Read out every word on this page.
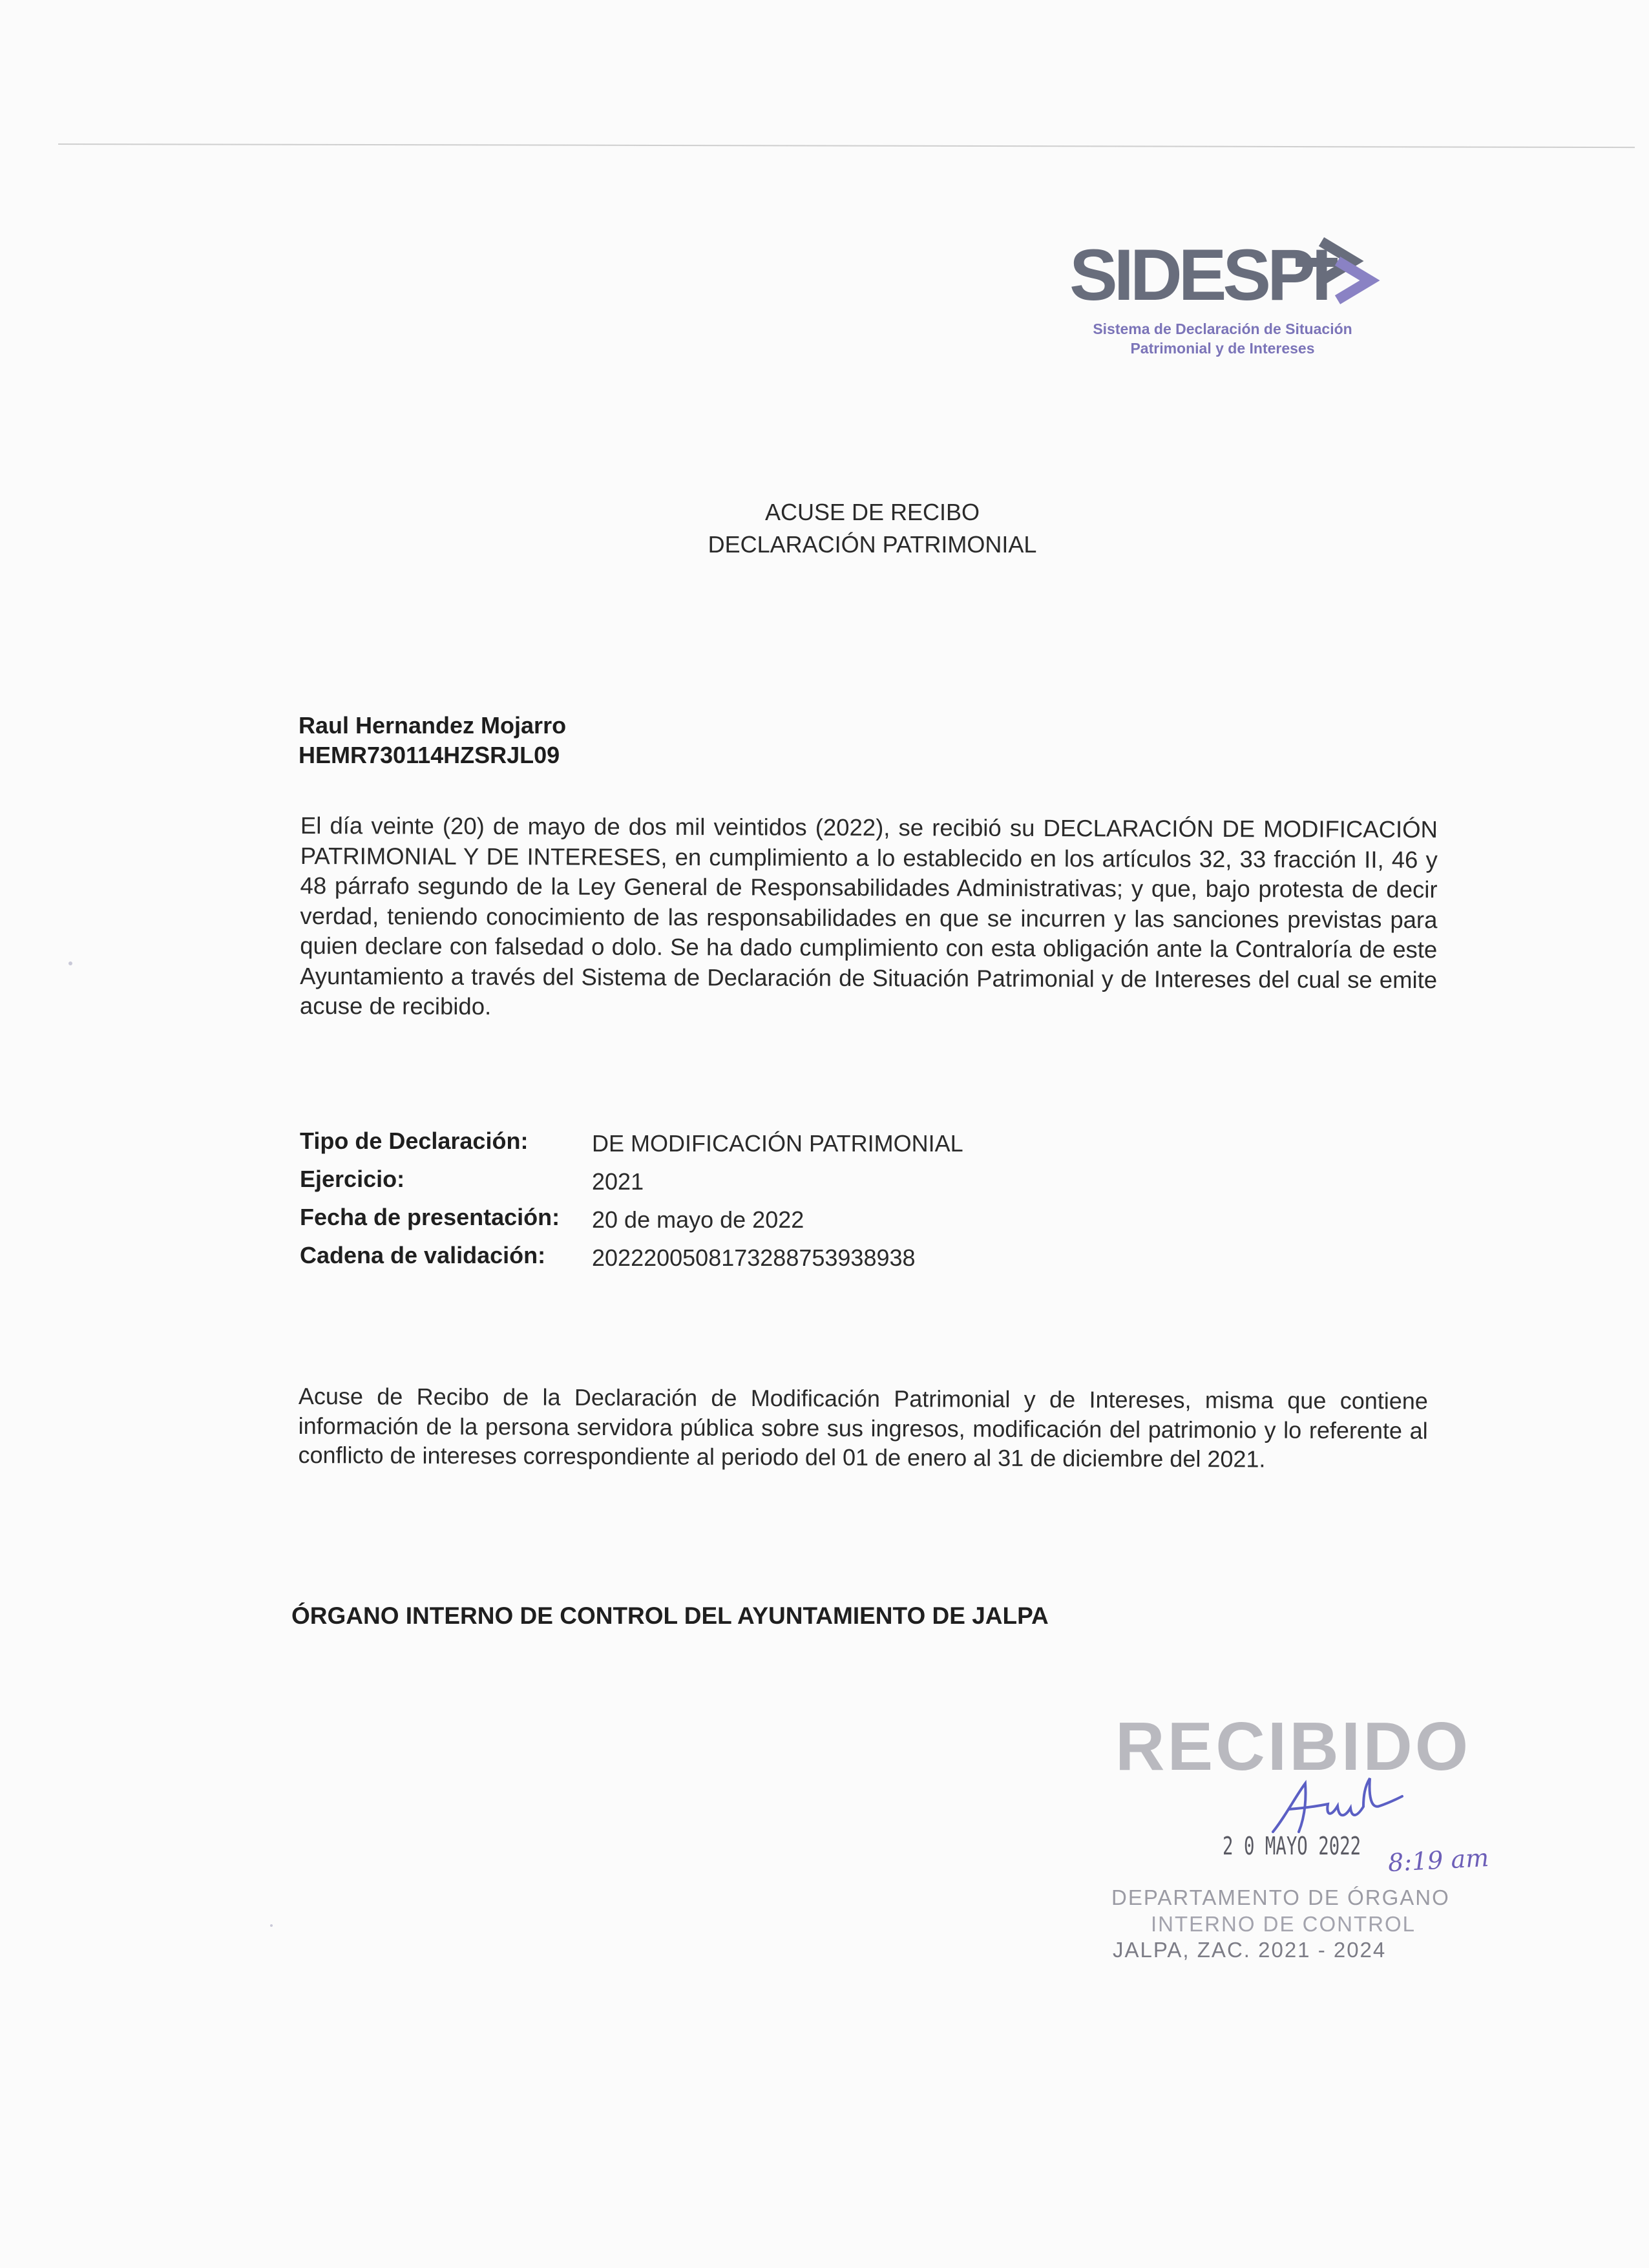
SIDESPI
Sistema de Declaración de Situación
Patrimonial y de Intereses
ACUSE DE RECIBO
DECLARACIÓN PATRIMONIAL
Raul Hernandez Mojarro
HEMR730114HZSRJL09
El día veinte (20) de mayo de dos mil veintidos (2022), se recibió su DECLARACIÓN DE MODIFICACIÓN PATRIMONIAL Y DE INTERESES, en cumplimiento a lo establecido en los artículos 32, 33 fracción II, 46 y 48 párrafo segundo de la Ley General de Responsabilidades Administrativas; y que, bajo protesta de decir verdad, teniendo conocimiento de las responsabilidades en que se incurren y las sanciones previstas para quien declare con falsedad o dolo. Se ha dado cumplimiento con esta obligación ante la Contraloría de este Ayuntamiento a través del Sistema de Declaración de Situación Patrimonial y de Intereses del cual se emite acuse de recibido.
Tipo de Declaración:	DE MODIFICACIÓN PATRIMONIAL
Ejercicio:	2021
Fecha de presentación: 20 de mayo de 2022
Cadena de validación: 2022200508173288753938938
Acuse de Recibo de la Declaración de Modificación Patrimonial y de Intereses, misma que contiene información de la persona servidora pública sobre sus ingresos, modificación del patrimonio y lo referente al conflicto de intereses correspondiente al periodo del 01 de enero al 31 de diciembre del 2021.
ÓRGANO INTERNO DE CONTROL DEL AYUNTAMIENTO DE JALPA
RECIBIDO
2 0 MAYO 2022 8:19 am
DEPARTAMENTO DE ÓRGANO
INTERNO DE CONTROL
JALPA, ZAC. 2021 - 2024
